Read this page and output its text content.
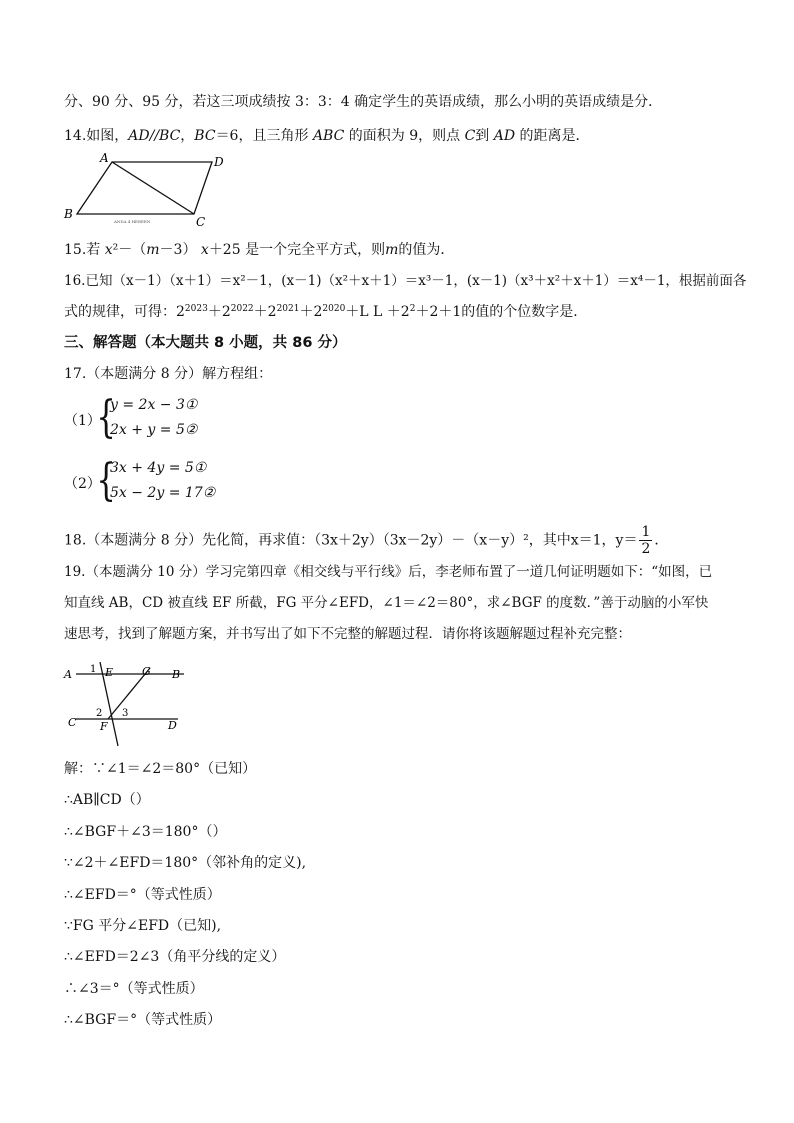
分、90 分、95 分，若这三项成绩按 3：3：4 确定学生的英语成绩，那么小明的英语成绩是分．
14.如图，AD//BC，BC＝6，且三角形 ABC 的面积为 9，则点 C到 AD 的距离是．
A	D
B
C
ANDA 4 HEREEN
15.若 x²－（m－3） x＋25 是一个完全平方式，则m的值为．
16.已知（x－1）（x＋1）＝x²－1，(x－1)（x²＋x＋1）＝x³－1，(x－1)（x³＋x²＋x＋1）＝x⁴－1，根据前面各
式的规律，可得：$2^{2023}+2^{2022}+2^{2021}+2^{2020}+L$ $L +2^2+2+1$的值的个位数字是．
三、解答题（本大题共 8 小题，共 86 分）
17.（本题满分 8 分）解方程组：
（1）
{
y = 2x − 3①
2x + y = 5②
（2）
{
3x + 4y = 5①
5x − 2y = 17②
18.（本题满分 8 分）先化简，再求值：（3x＋2y）（3x－2y）－（x－y）²，其中x＝1，$y= \frac{1}{2}$ ．
19.（本题满分 10 分）学习完第四章《相交线与平行线》后，李老师布置了一道几何证明题如下：“如图，已
知直线 AB，CD 被直线 EF 所截，FG 平分∠EFD，∠1＝∠2＝80°，求∠BGF 的度数．”善于动脑的小军快
速思考，找到了解题方案，并书写出了如下不完整的解题过程．请你将该题解题过程补充完整：
A	B
C	D
E
F
G
1
2 3
解：∵∠1＝∠2＝80°（已知）
∴AB∥CD（）
∴∠BGF＋∠3＝180°（）
∵∠2＋∠EFD＝180°（邻补角的定义),
∴∠EFD＝°（等式性质）
∵FG 平分∠EFD（已知),
∴∠EFD＝2∠3（角平分线的定义）
∴∠3＝°（等式性质）
∴∠BGF＝°（等式性质）
